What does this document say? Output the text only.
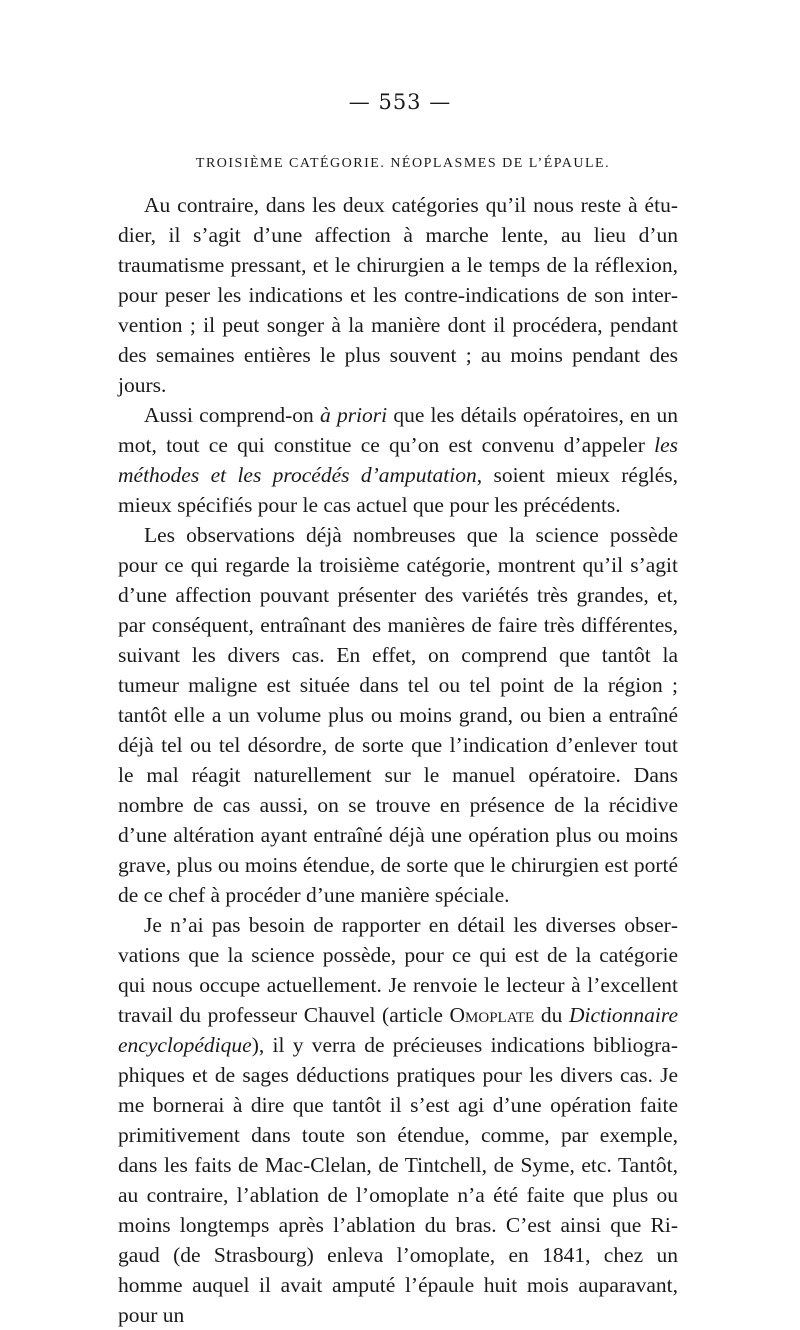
— 553 —
TROISIÈME CATÉGORIE. NÉOPLASMES DE L’ÉPAULE.

Au contraire, dans les deux catégories qu’il nous reste à étudier, il s’agit d’une affection à marche lente, au lieu d’un traumatisme pressant, et le chirurgien a le temps de la réflexion, pour peser les indications et les contre-indications de son intervention ; il peut songer à la manière dont il procédera, pendant des semaines entières le plus souvent ; au moins pendant des jours.

Aussi comprend-on à priori que les détails opératoires, en un mot, tout ce qui constitue ce qu’on est convenu d’appeler les méthodes et les procédés d’amputation, soient mieux réglés, mieux spécifiés pour le cas actuel que pour les précédents.

Les observations déjà nombreuses que la science possède pour ce qui regarde la troisième catégorie, montrent qu’il s’agit d’une affection pouvant présenter des variétés très grandes, et, par conséquent, entraînant des manières de faire très différentes, suivant les divers cas. En effet, on comprend que tantôt la tumeur maligne est située dans tel ou tel point de la région ; tantôt elle a un volume plus ou moins grand, ou bien a entraîné déjà tel ou tel désordre, de sorte que l’indication d’enlever tout le mal réagit naturellement sur le manuel opératoire. Dans nombre de cas aussi, on se trouve en présence de la récidive d’une altération ayant entraîné déjà une opération plus ou moins grave, plus ou moins étendue, de sorte que le chirurgien est porté de ce chef à procéder d’une manière spéciale.

Je n’ai pas besoin de rapporter en détail les diverses observations que la science possède, pour ce qui est de la catégorie qui nous occupe actuellement. Je renvoie le lecteur à l’excellent travail du professeur Chauvel (article Omoplate du Dictionnaire encyclopédique), il y verra de précieuses indications bibliographiques et de sages déductions pratiques pour les divers cas. Je me bornerai à dire que tantôt il s’est agi d’une opération faite primitivement dans toute son étendue, comme, par exemple, dans les faits de Mac-Clelan, de Tintchell, de Syme, etc. Tantôt, au contraire, l’ablation de l’omoplate n’a été faite que plus ou moins longtemps après l’ablation du bras. C’est ainsi que Rigaud (de Strasbourg) enleva l’omoplate, en 1841, chez un homme auquel il avait amputé l’épaule huit mois auparavant, pour un
